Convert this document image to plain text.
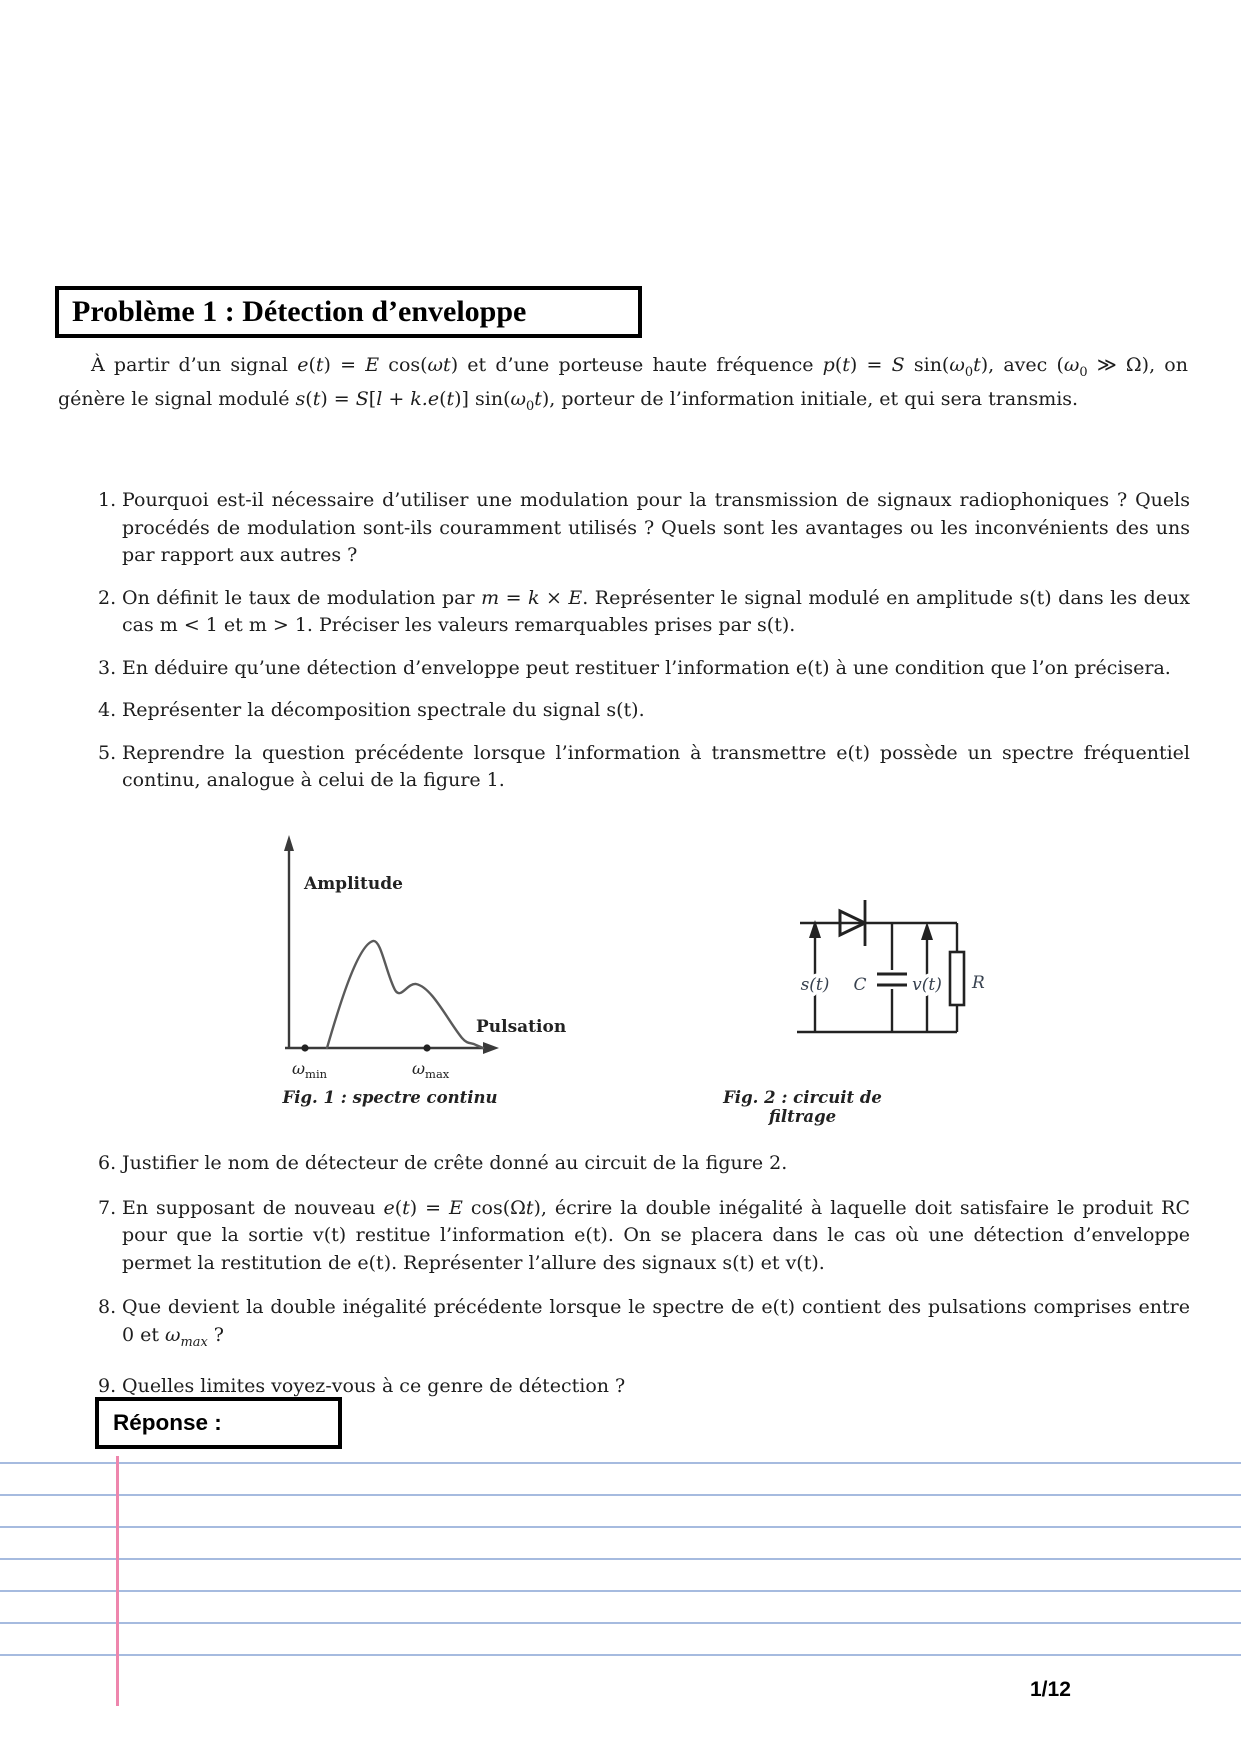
Problème 1 : Détection d’enveloppe

À partir d’un signal e(t) = E cos(ωt) et d’une porteuse haute fréquence p(t) = S $\sin(\omega_0t)$, avec ($\omega_0$ ≫ Ω), on génère le signal modulé s(t) = S[l + k.e(t)] $\sin(\omega_0t)$, porteur de l’information initiale, et qui sera transmis.

1. Pourquoi est-il nécessaire d’utiliser une modulation pour la transmission de signaux radiophoniques ? Quels procédés de modulation sont-ils couramment utilisés ? Quels sont les avantages ou les inconvénients des uns par rapport aux autres ?
2. On définit le taux de modulation par m = k × E. Représenter le signal modulé en amplitude s(t) dans les deux cas m < 1 et m > 1. Préciser les valeurs remarquables prises par s(t).
3. En déduire qu’une détection d’enveloppe peut restituer l’information e(t) à une condition que l’on précisera.
4. Représenter la décomposition spectrale du signal s(t).
5. Reprendre la question précédente lorsque l’information à transmettre e(t) possède un spectre fréquentiel continu, analogue à celui de la figure 1.
Amplitude
Pulsation
$\omega_{min}$	$\omega_{max}$
Fig. 1 : spectre continu
s(t) C	v(t) R
Fig. 2 : circuit de filtrage
6. Justifier le nom de détecteur de crête donné au circuit de la figure 2.
7. En supposant de nouveau e(t) = E cos(Ωt), écrire la double inégalité à laquelle doit satisfaire le produit RC pour que la sortie v(t) restitue l’information e(t). On se placera dans le cas où une détection d’enveloppe permet la restitution de e(t). Représenter l’allure des signaux s(t) et v(t).
8. Que devient la double inégalité précédente lorsque le spectre de e(t) contient des pulsations comprises entre 0 et $\omega_{max}$ ?
9. Quelles limites voyez-vous à ce genre de détection ?
Réponse :
1/12
